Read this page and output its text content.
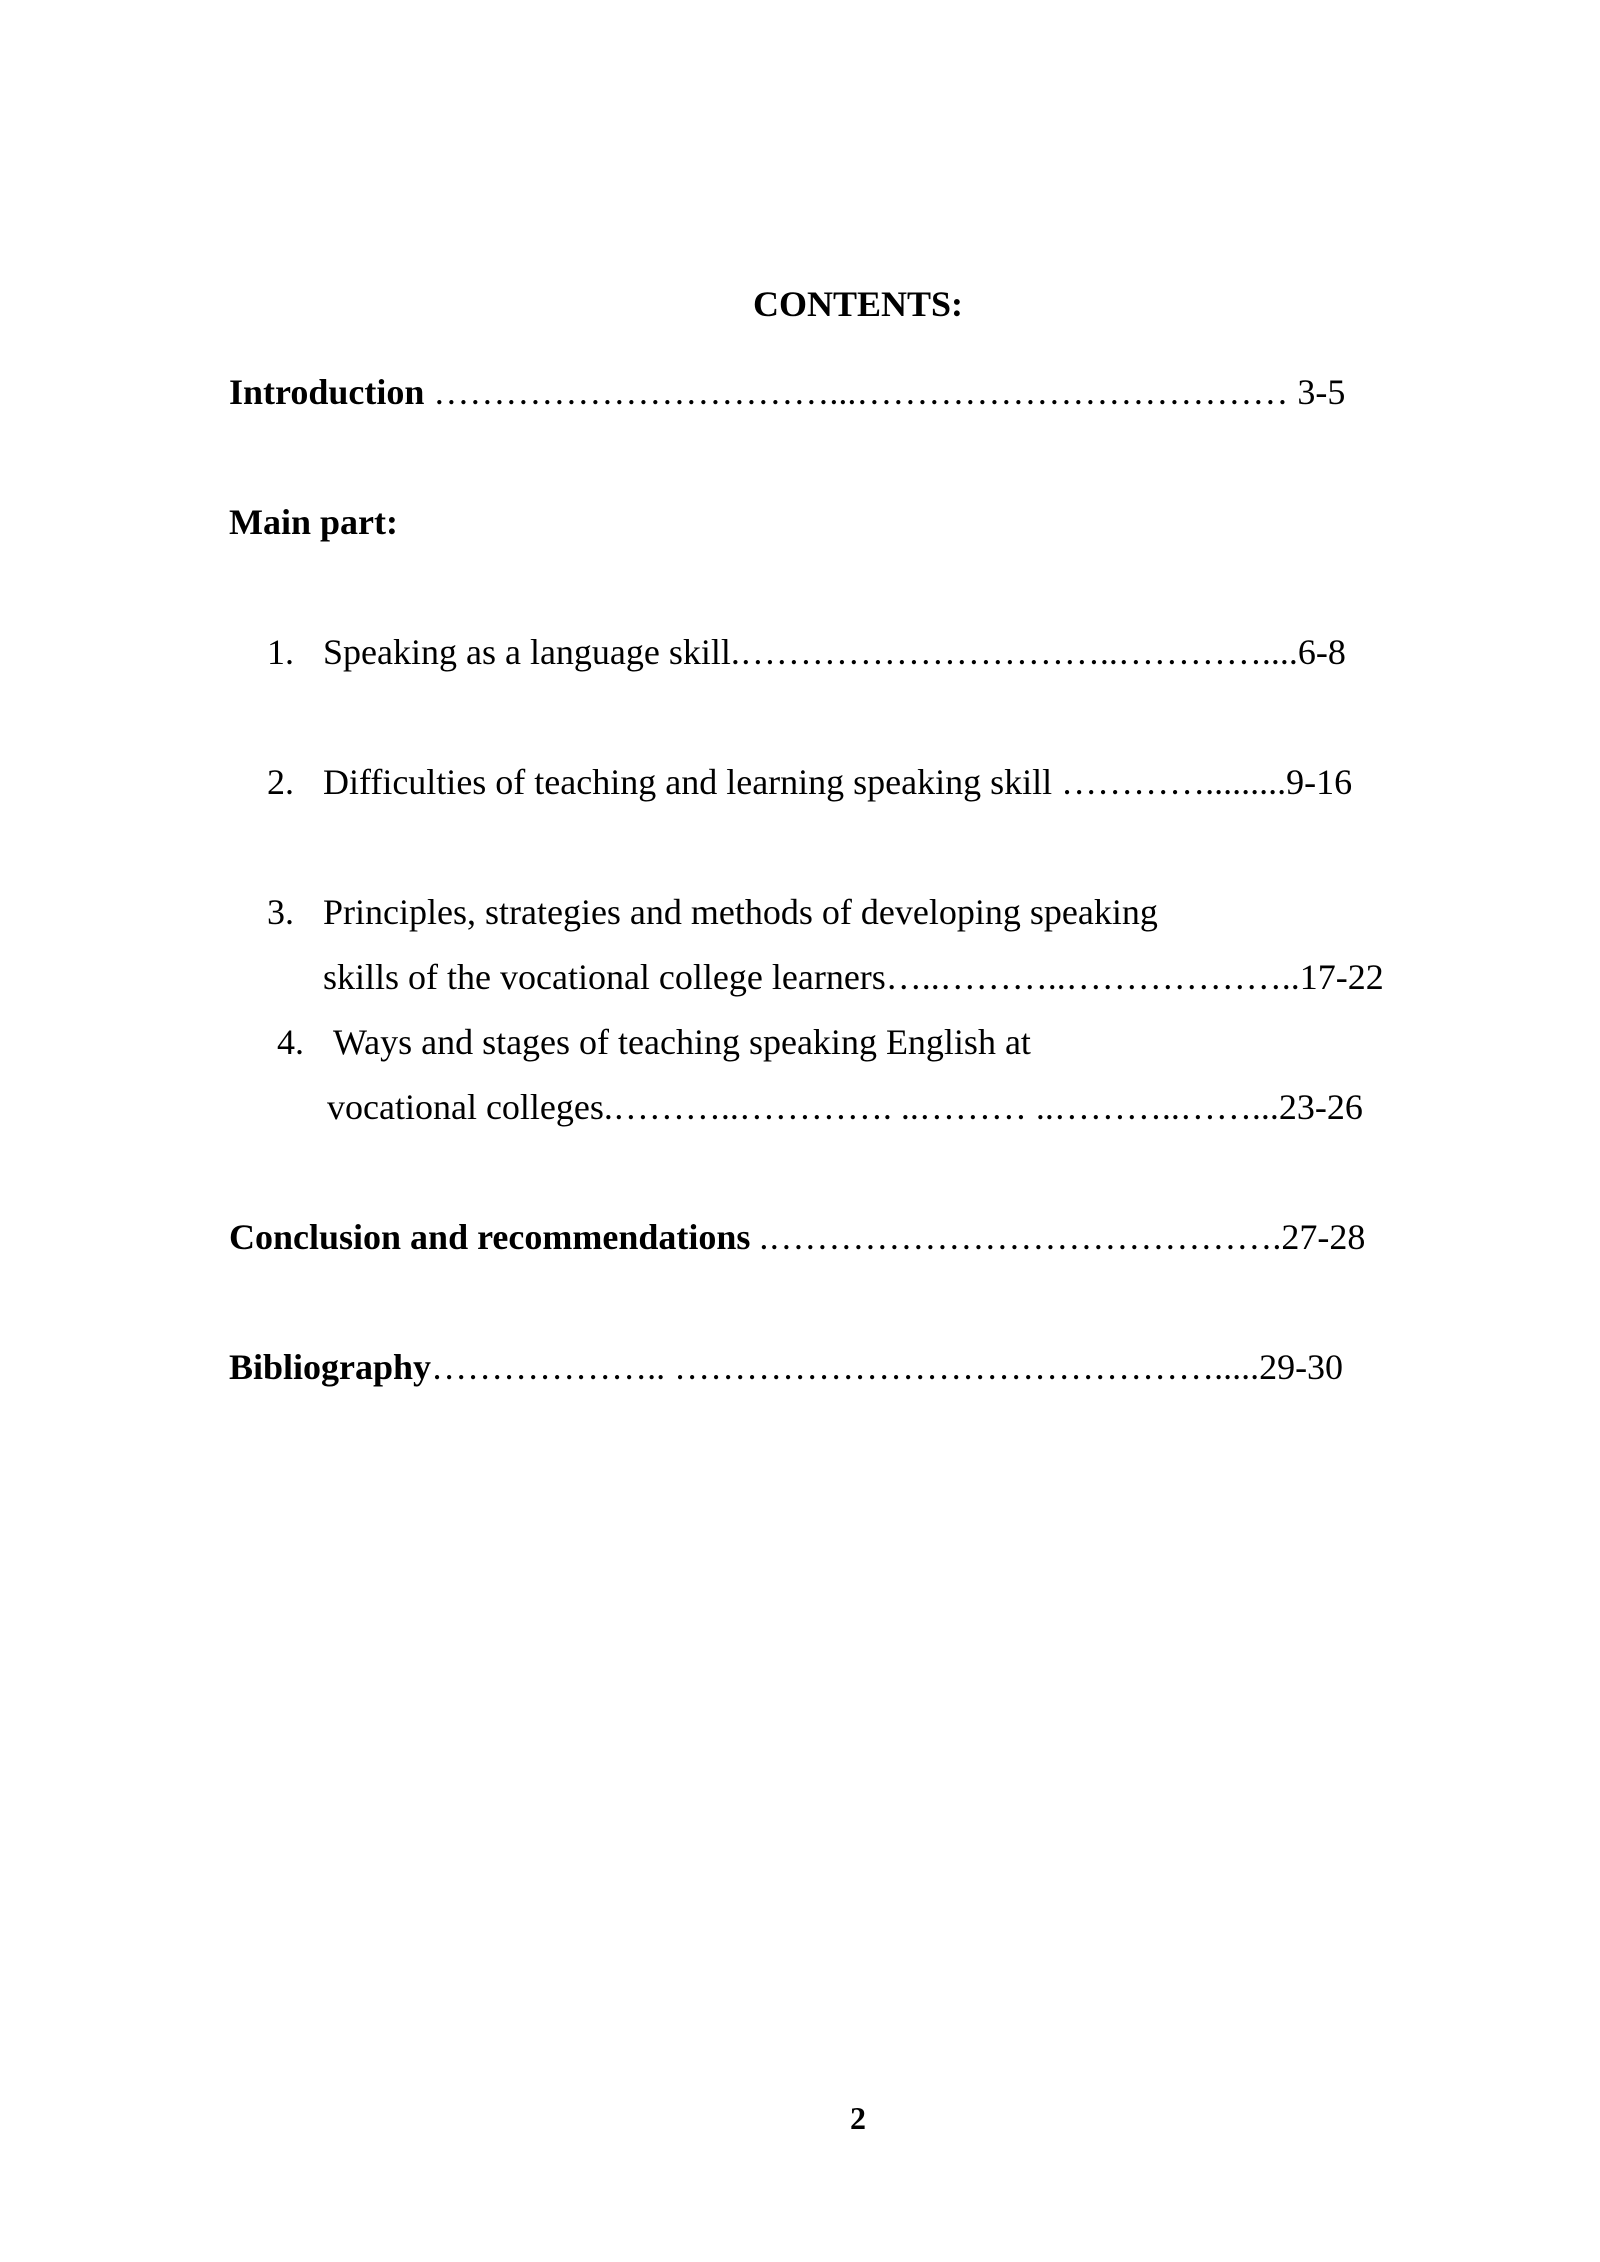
CONTENTS:
Introduction ……………………………...……………………………… 3-5
Main part:
1. Speaking as a language skill.…………………………..…………....6-8
2. Difficulties of teaching and learning speaking skill ………….........9-16
3. Principles, strategies and methods of developing speaking
skills of the vocational college learners…..………..………………..17-22
4. Ways and stages of teaching speaking English at
vocational colleges.………..…………. ..……… ..………..……...23-26
Conclusion and recommendations .…………………………………….27-28
Bibliography……………….. ……………………………………….....29-30
2
